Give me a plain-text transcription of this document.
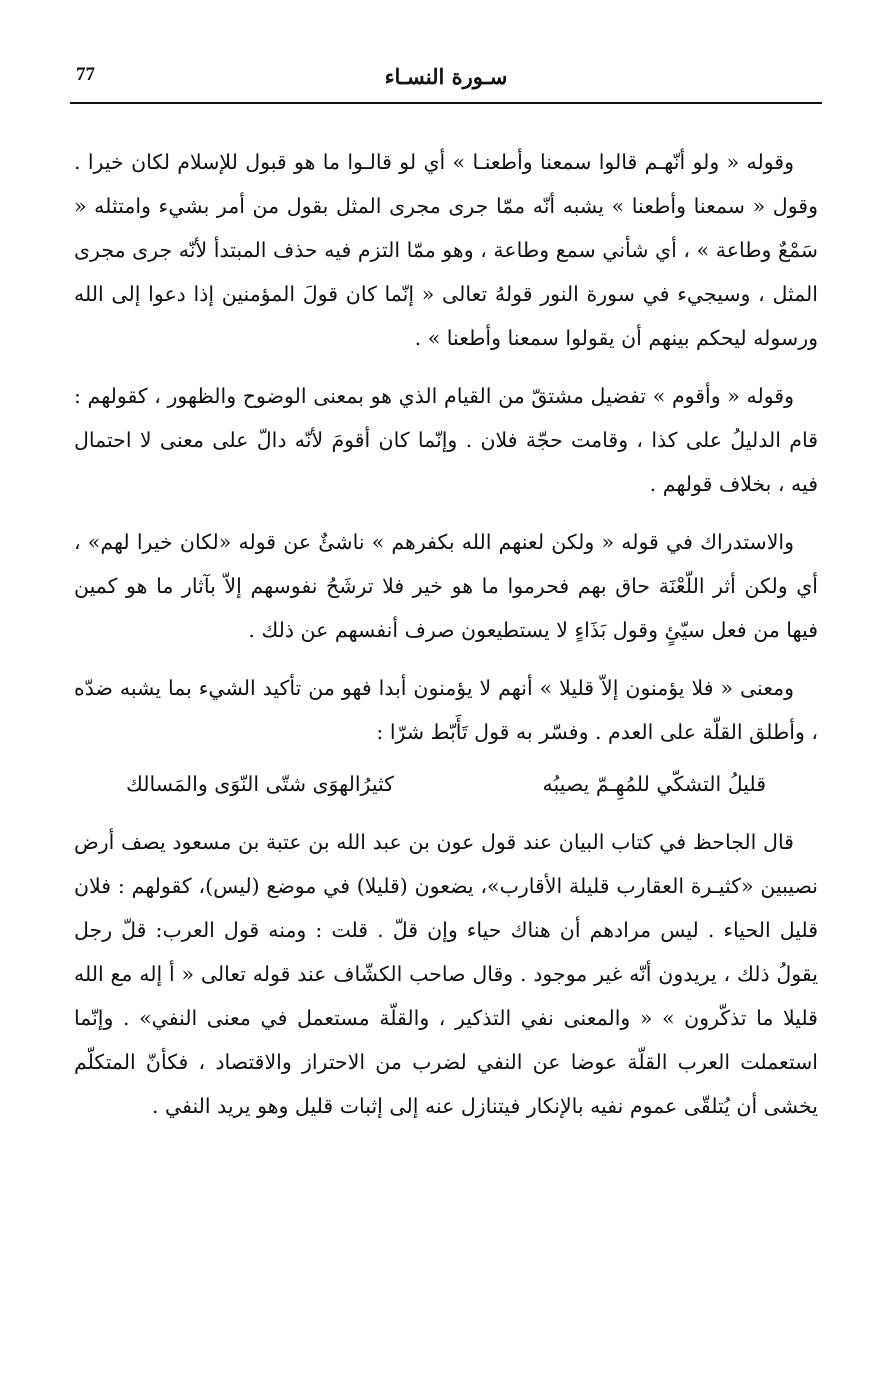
77	سـورة النسـاء

وقوله « ولو أنّهـم قالوا سمعنا وأطعنـا » أي لو قالـوا ما هو قبول للإسلام لكان خيرا . وقول « سمعنا وأطعنا » يشبه أنّه ممّا جرى مجرى المثل بقول من أمر بشيء وامتثله « سَمْعٌ وطاعة » ، أي شأني سمع وطاعة ، وهو ممّا التزم فيه حذف المبتدأ لأنّه جرى مجرى المثل ، وسيجيء في سورة النور قولهُ تعالى « إنّما كان قولَ المؤمنين إذا دعوا إلى الله ورسوله ليحكم بينهم أن يقولوا سمعنا وأطعنا » .

وقوله « وأقوم » تفضيل مشتقّ من القيام الذي هو بمعنى الوضوح والظهور ، كقولهم : قام الدليلُ على كذا ، وقامت حجّة فلان . وإنّما كان أقومَ لأنّه دالّ على معنى لا احتمال فيه ، بخلاف قولهم .

والاستدراك في قوله « ولكن لعنهم الله بكفرهم » ناشئٌ عن قوله «لكان خيرا لهم» ، أي ولكن أثر اللّعْنَة حاق بهم فحرموا ما هو خير فلا ترشَحُ نفوسهم إلاّ بآثار ما هو كمين فيها من فعل سيّئٍ وقول بَذَاءٍ لا يستطيعون صرف أنفسهم عن ذلك .

ومعنى « فلا يؤمنون إلاّ قليلا » أنهم لا يؤمنون أبدا فهو من تأكيد الشيء بما يشبه ضدّه ، وأطلق القلّة على العدم . وفسّر به قول تَأَبّط شرّا :

قليلُ التشكّي للمُهِـمّ يصيبُه
كثيرُالهوَى شتّى النّوَى والمَسالك

قال الجاحظ في كتاب البيان عند قول عون بن عبد الله بن عتبة بن مسعود يصف أرض نصيبين «كثيـرة العقارب قليلة الأقارب»، يضعون (قليلا) في موضع (ليس)، كقولهم : فلان قليل الحياء . ليس مرادهم أن هناك حياء وإن قلّ . قلت : ومنه قول العرب: قلّ رجل يقولُ ذلك ، يريدون أنّه غير موجود . وقال صاحب الكشّاف عند قوله تعالى « أ إله مع الله قليلا ما تذكّرون » « والمعنى نفي التذكير ، والقلّة مستعمل في معنى النفي» . وإنّما استعملت العرب القلّة عوضا عن النفي لضرب من الاحتراز والاقتصاد ، فكأنّ المتكلّم يخشى أن يُتلقّى عموم نفيه بالإنكار فيتنازل عنه إلى إثبات قليل وهو يريد النفي .
